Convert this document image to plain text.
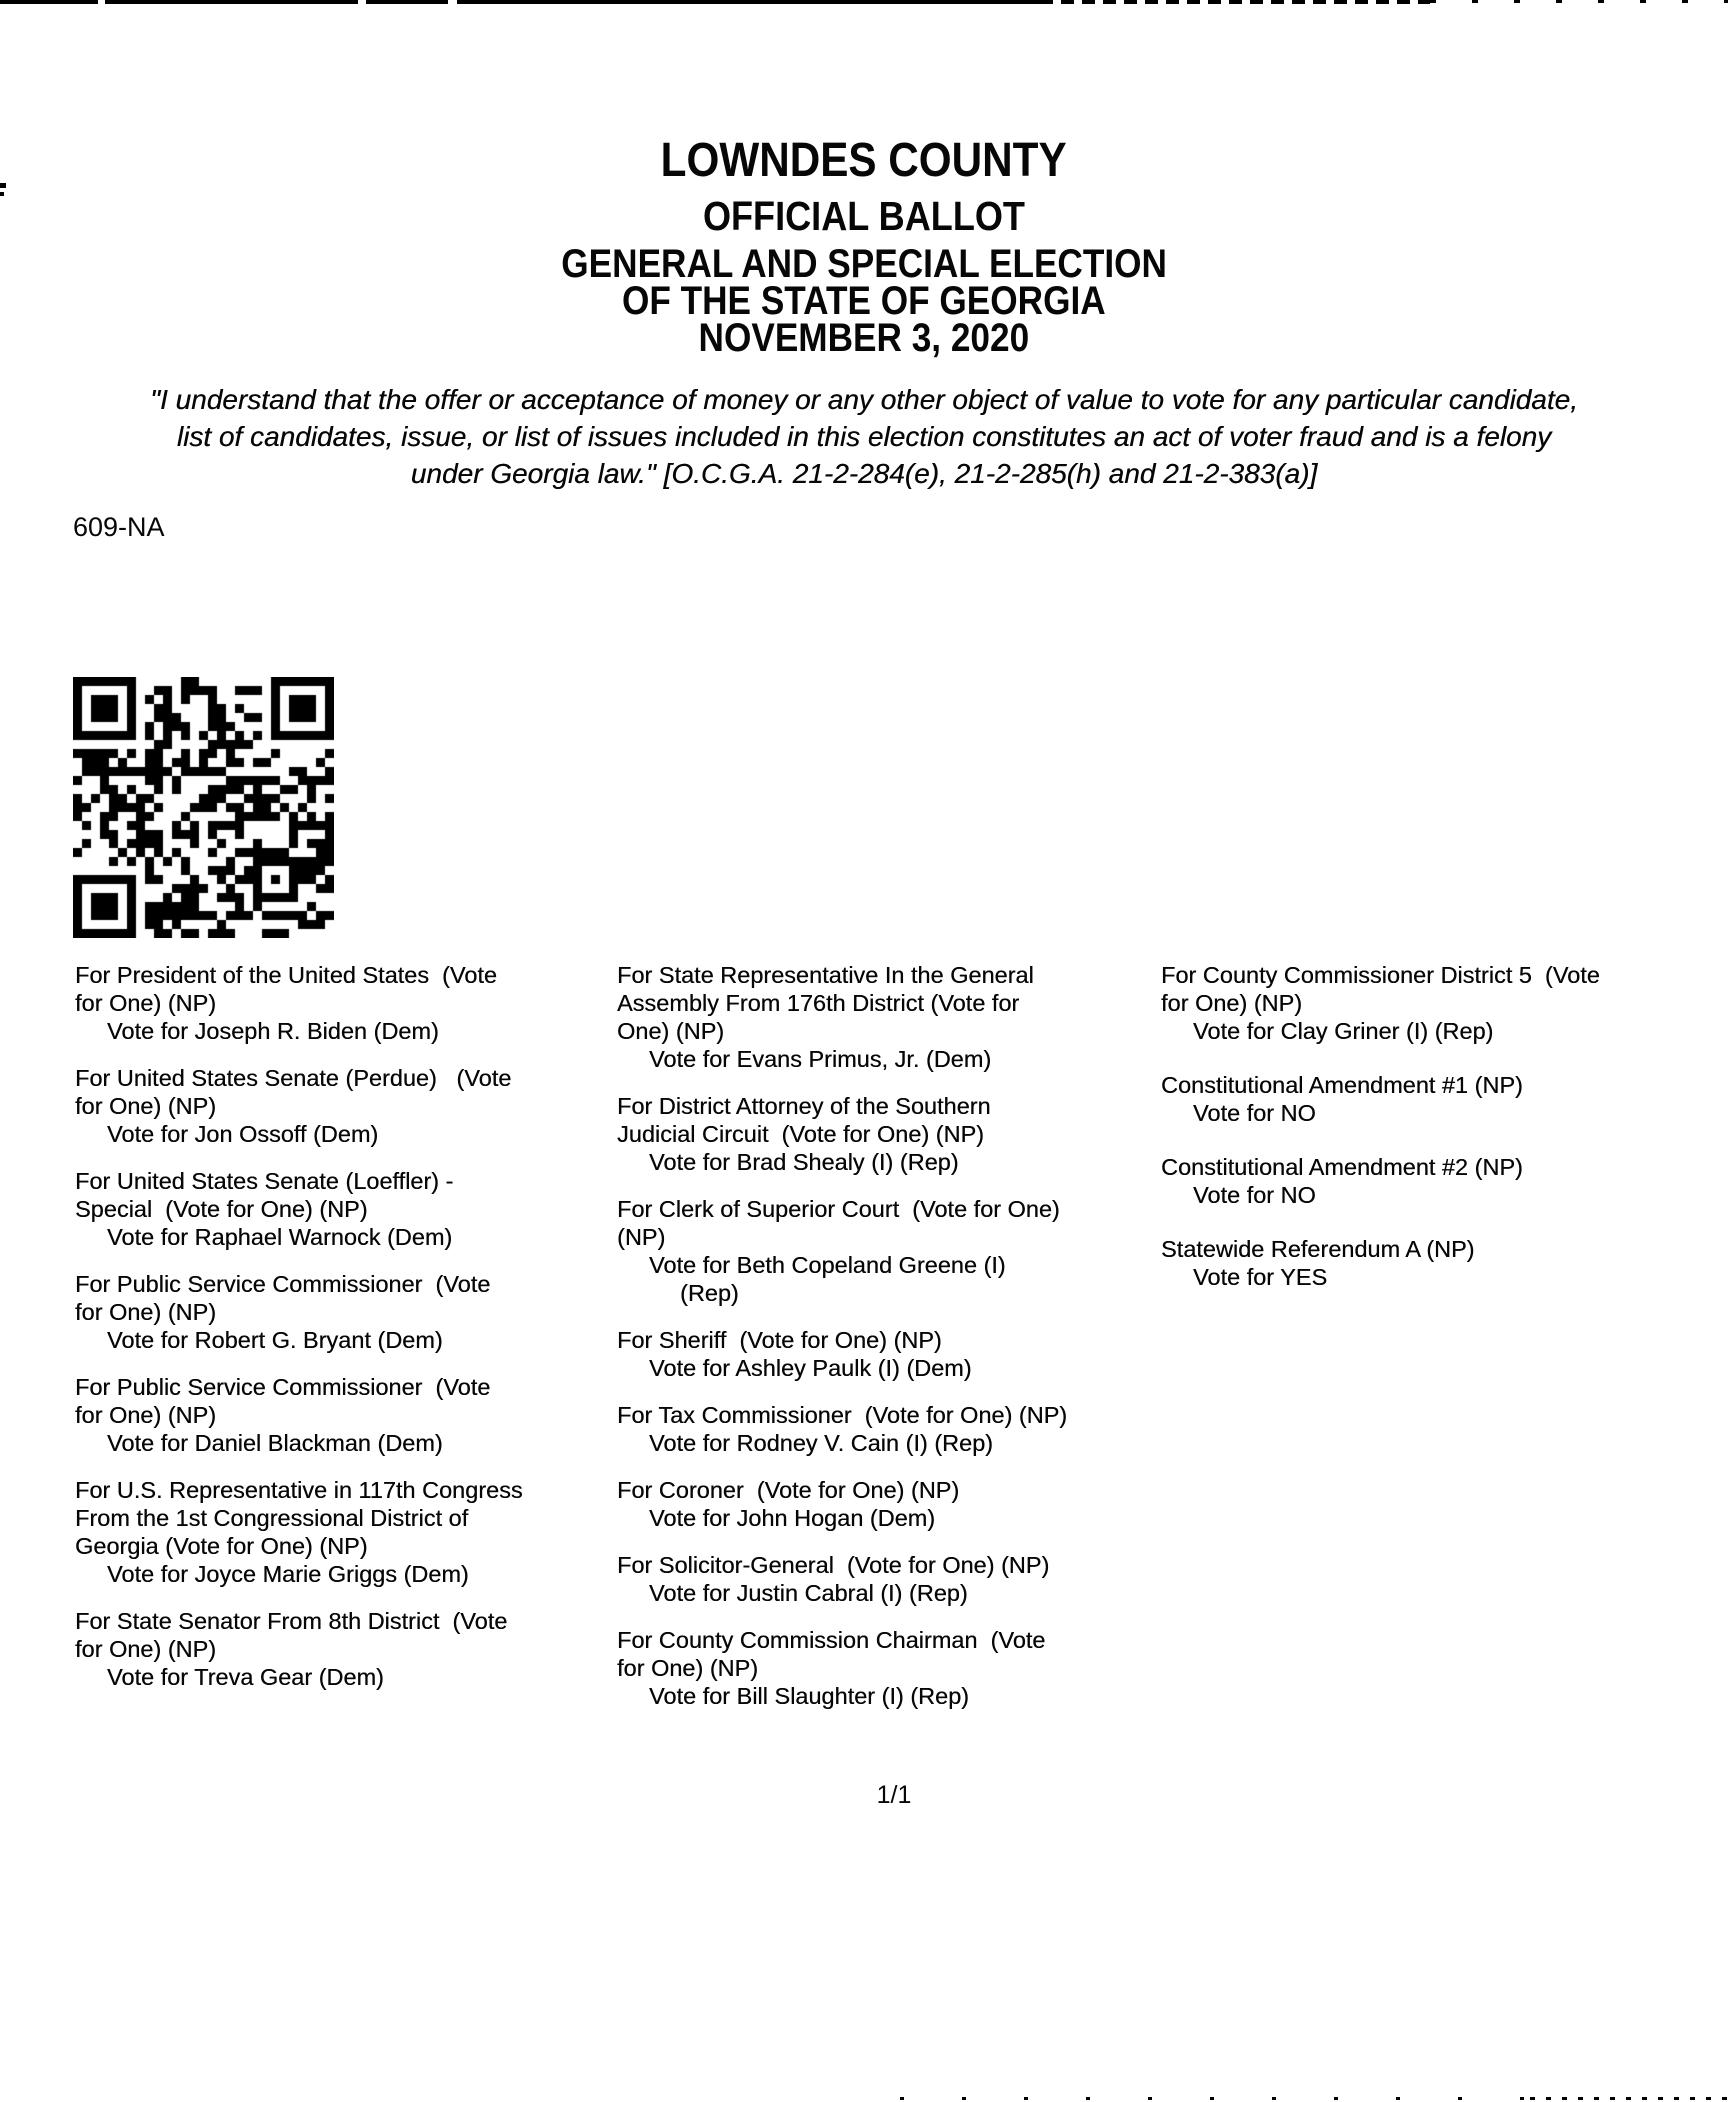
LOWNDES COUNTY
OFFICIAL BALLOT
GENERAL AND SPECIAL ELECTION
OF THE STATE OF GEORGIA
NOVEMBER 3, 2020
"I understand that the offer or acceptance of money or any other object of value to vote for any particular candidate,
list of candidates, issue, or list of issues included in this election constitutes an act of voter fraud and is a felony
under Georgia law." [O.C.G.A. 21-2-284(e), 21-2-285(h) and 21-2-383(a)]
609-NA
For President of the United States  (Vote
for One) (NP)
Vote for Joseph R. Biden (Dem)
For United States Senate (Perdue)   (Vote
for One) (NP)
Vote for Jon Ossoff (Dem)
For United States Senate (Loeffler) -
Special  (Vote for One) (NP)
Vote for Raphael Warnock (Dem)
For Public Service Commissioner  (Vote
for One) (NP)
Vote for Robert G. Bryant (Dem)
For Public Service Commissioner  (Vote
for One) (NP)
Vote for Daniel Blackman (Dem)
For U.S. Representative in 117th Congress
From the 1st Congressional District of
Georgia (Vote for One) (NP)
Vote for Joyce Marie Griggs (Dem)
For State Senator From 8th District  (Vote
for One) (NP)
Vote for Treva Gear (Dem)
For State Representative In the General
Assembly From 176th District (Vote for
One) (NP)
Vote for Evans Primus, Jr. (Dem)
For District Attorney of the Southern
Judicial Circuit  (Vote for One) (NP)
Vote for Brad Shealy (I) (Rep)
For Clerk of Superior Court  (Vote for One)
(NP)
Vote for Beth Copeland Greene (I)
(Rep)
For Sheriff  (Vote for One) (NP)
Vote for Ashley Paulk (I) (Dem)
For Tax Commissioner  (Vote for One) (NP)
Vote for Rodney V. Cain (I) (Rep)
For Coroner  (Vote for One) (NP)
Vote for John Hogan (Dem)
For Solicitor-General  (Vote for One) (NP)
Vote for Justin Cabral (I) (Rep)
For County Commission Chairman  (Vote
for One) (NP)
Vote for Bill Slaughter (I) (Rep)
For County Commissioner District 5  (Vote
for One) (NP)
Vote for Clay Griner (I) (Rep)
Constitutional Amendment #1 (NP)
Vote for NO
Constitutional Amendment #2 (NP)
Vote for NO
Statewide Referendum A (NP)
Vote for YES
1/1
